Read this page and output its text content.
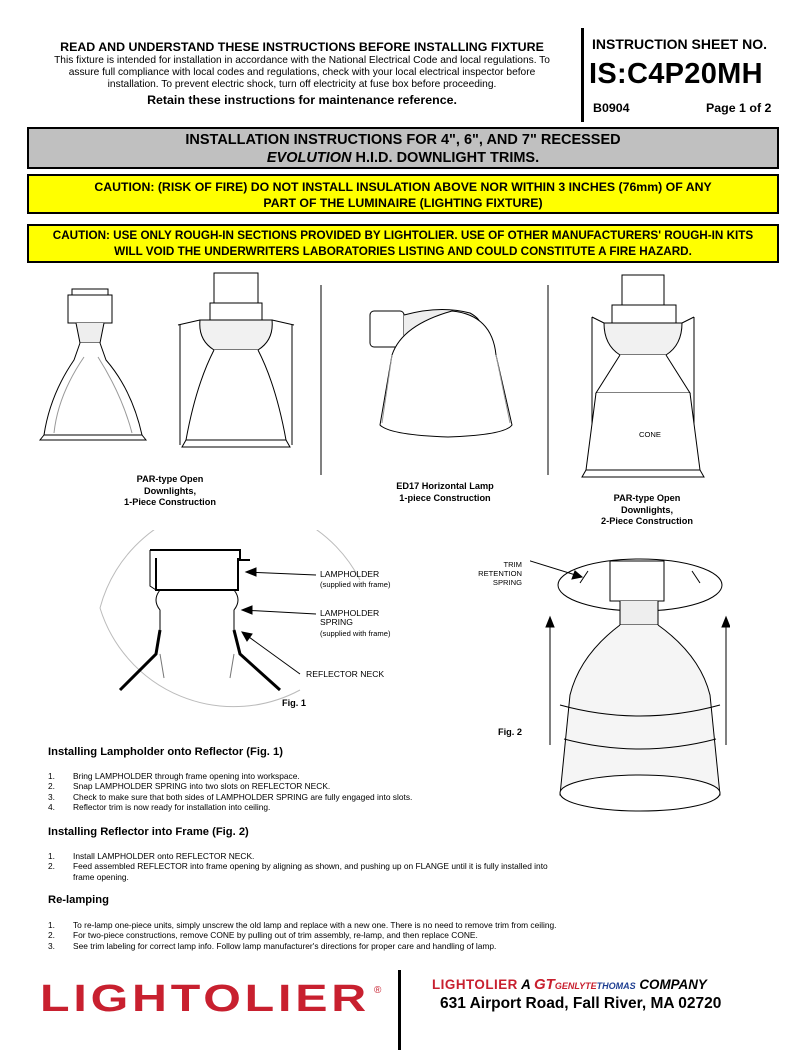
READ AND UNDERSTAND THESE INSTRUCTIONS BEFORE INSTALLING FIXTURE
This fixture is intended for installation in accordance with the National Electrical Code and local regulations. To
assure full compliance with local codes and regulations, check with your local electrical inspector before
installation. To prevent electric shock, turn off electricity at fuse box before proceeding.
Retain these instructions for maintenance reference.
INSTRUCTION SHEET NO.
IS:C4P20MH
B0904	Page 1 of 2
INSTALLATION INSTRUCTIONS FOR 4", 6", AND 7" RECESSED
EVOLUTION H.I.D. DOWNLIGHT TRIMS.
CAUTION: (RISK OF FIRE) DO NOT INSTALL INSULATION ABOVE NOR WITHIN 3 INCHES (76mm) OF ANY
PART OF THE LUMINAIRE (LIGHTING FIXTURE)
CAUTION: USE ONLY ROUGH-IN SECTIONS PROVIDED BY LIGHTOLIER. USE OF OTHER MANUFACTURERS' ROUGH-IN KITS
WILL VOID THE UNDERWRITERS LABORATORIES LISTING AND COULD CONSTITUTE A FIRE HAZARD.
CONE
PAR-type Open
Downlights,
1-Piece Construction
ED17 Horizontal Lamp
1-piece Construction	PAR-type Open
Downlights,
2-Piece Construction
LAMPHOLDER
(supplied with frame)
LAMPHOLDER
SPRING
(supplied with frame)
REFLECTOR NECK
Fig. 1
TRIM
RETENTION
SPRING
Fig. 2
Installing Lampholder onto Reflector (Fig. 1)
1.	Bring LAMPHOLDER through frame opening into workspace.
2.	Snap LAMPHOLDER SPRING into two slots on REFLECTOR NECK.
3.	Check to make sure that both sides of LAMPHOLDER SPRING are fully engaged into slots.
4.	Reflector trim is now ready for installation into ceiling.
Installing Reflector into Frame (Fig. 2)
1.	Install LAMPHOLDER onto REFLECTOR NECK.
2.	Feed assembled REFLECTOR into frame opening by aligning as shown, and pushing up on FLANGE until it is fully installed into
frame opening.
Re-lamping
1.	To re-lamp one-piece units, simply unscrew the old lamp and replace with a new one. There is no need to remove trim from ceiling.
2.	For two-piece constructions, remove CONE by pulling out of trim assembly, re-lamp, and then replace CONE.
3.	See trim labeling for correct lamp info. Follow lamp manufacturer's directions for proper care and handling of lamp.
LIGHTOLIER ®	LIGHTOLIER A GTGENLYTETHOMAS COMPANY
631 Airport Road, Fall River, MA 02720
